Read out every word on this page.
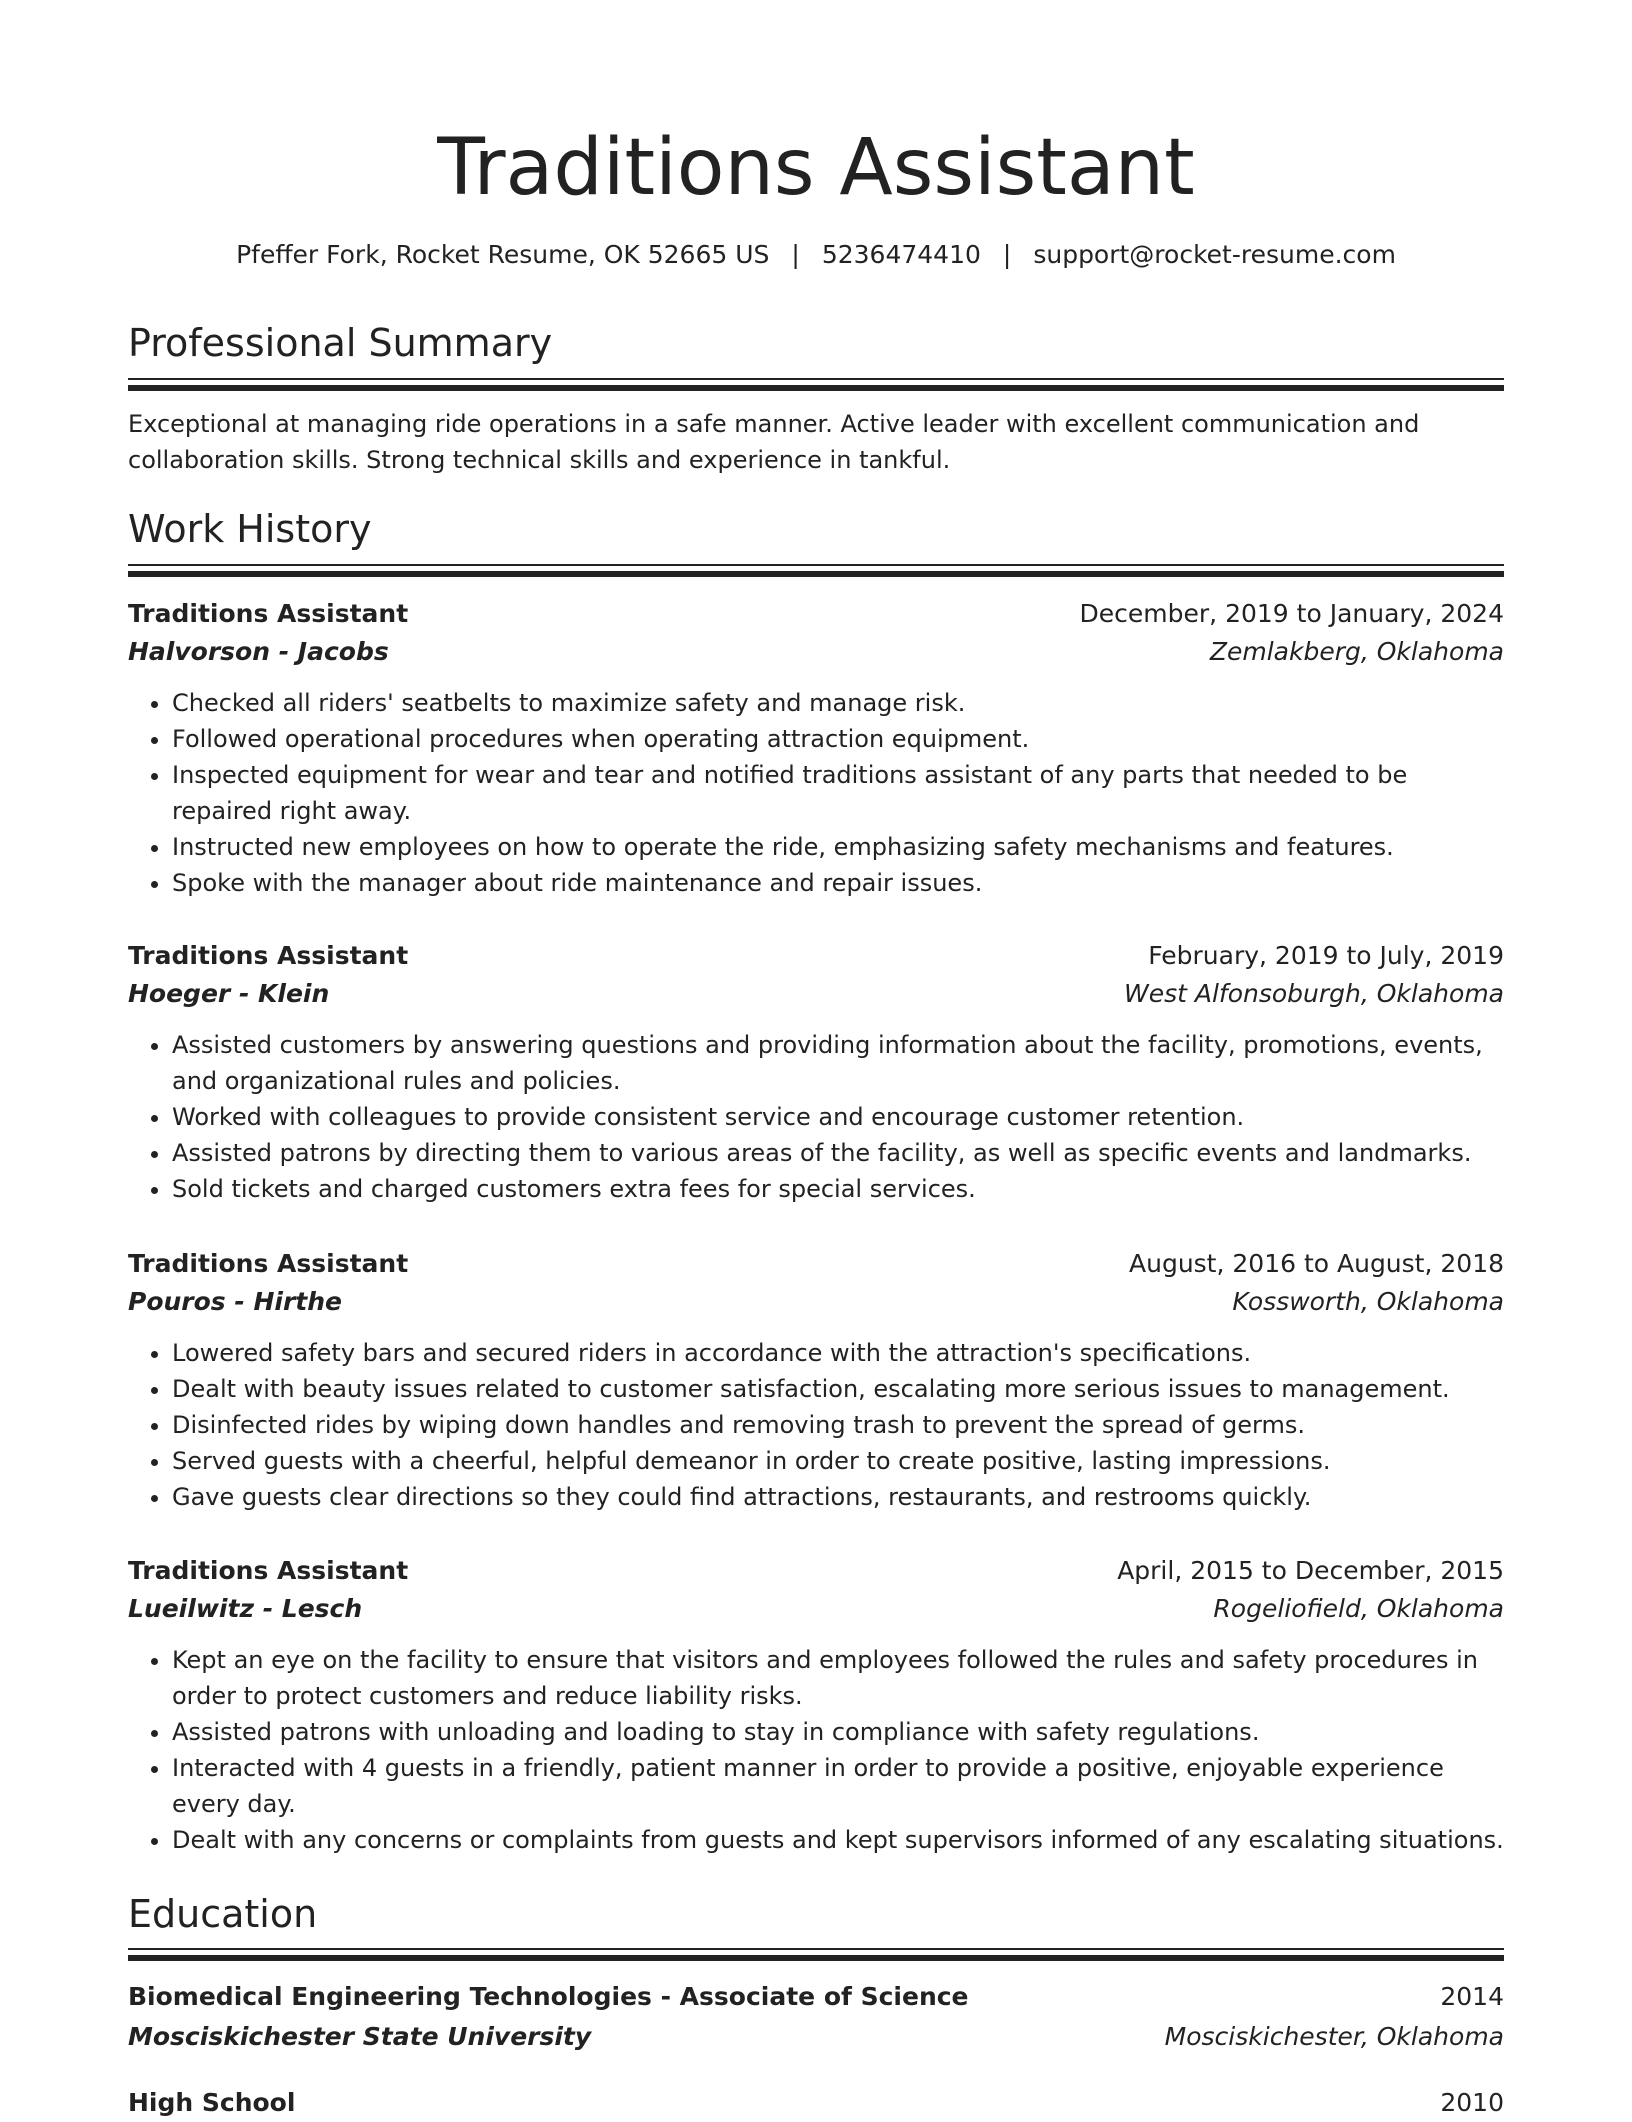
Traditions Assistant
Pfeffer Fork, Rocket Resume, OK 52665 US | 5236474410 | support@rocket-resume.com
Professional Summary
Exceptional at managing ride operations in a safe manner. Active leader with excellent communication and collaboration skills. Strong technical skills and experience in tankful.
Work History
Traditions Assistant	December, 2019 to January, 2024
Halvorson - Jacobs	Zemlakberg, Oklahoma
• Checked all riders' seatbelts to maximize safety and manage risk.
• Followed operational procedures when operating attraction equipment.
• Inspected equipment for wear and tear and notified traditions assistant of any parts that needed to be repaired right away.
• Instructed new employees on how to operate the ride, emphasizing safety mechanisms and features.
• Spoke with the manager about ride maintenance and repair issues.
Traditions Assistant	February, 2019 to July, 2019
Hoeger - Klein	West Alfonsoburgh, Oklahoma
• Assisted customers by answering questions and providing information about the facility, promotions, events, and organizational rules and policies.
• Worked with colleagues to provide consistent service and encourage customer retention.
• Assisted patrons by directing them to various areas of the facility, as well as specific events and landmarks.
• Sold tickets and charged customers extra fees for special services.
Traditions Assistant	August, 2016 to August, 2018
Pouros - Hirthe	Kossworth, Oklahoma
• Lowered safety bars and secured riders in accordance with the attraction's specifications.
• Dealt with beauty issues related to customer satisfaction, escalating more serious issues to management.
• Disinfected rides by wiping down handles and removing trash to prevent the spread of germs.
• Served guests with a cheerful, helpful demeanor in order to create positive, lasting impressions.
• Gave guests clear directions so they could find attractions, restaurants, and restrooms quickly.
Traditions Assistant	April, 2015 to December, 2015
Lueilwitz - Lesch	Rogeliofield, Oklahoma
• Kept an eye on the facility to ensure that visitors and employees followed the rules and safety procedures in order to protect customers and reduce liability risks.
• Assisted patrons with unloading and loading to stay in compliance with safety regulations.
• Interacted with 4 guests in a friendly, patient manner in order to provide a positive, enjoyable experience every day.
• Dealt with any concerns or complaints from guests and kept supervisors informed of any escalating situations.
Education
Biomedical Engineering Technologies - Associate of Science	2014
Mosciskichester State University	Mosciskichester, Oklahoma
High School	2010
